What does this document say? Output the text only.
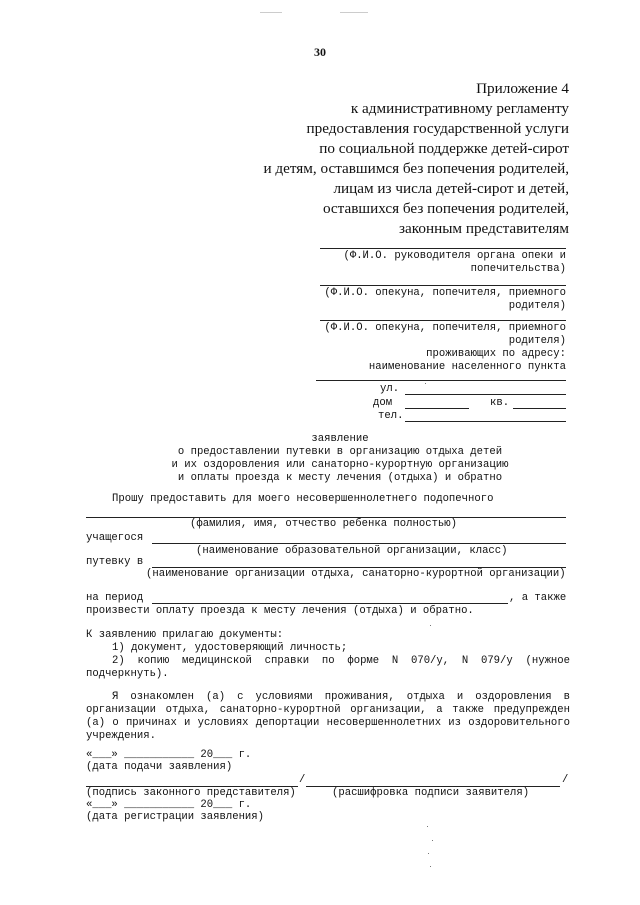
30
Приложение 4
к административному регламенту
предоставления государственной услуги
по социальной поддержке детей-сирот
и детям, оставшимся без попечения родителей,
лицам из числа детей-сирот и детей,
оставшихся без попечения родителей,
законным представителям
(Ф.И.О. руководителя органа опеки и
попечительства)
(Ф.И.О. опекуна, попечителя, приемного
родителя)
(Ф.И.О. опекуна, попечителя, приемного
родителя)
проживающих по адресу:
наименование населенного пункта
ул.
дом	кв.
тел.
заявление
о предоставлении путевки в организацию отдыха детей
и их оздоровления или санаторно-курортную организацию
и оплаты проезда к месту лечения (отдыха) и обратно
Прошу предоставить для моего несовершеннолетнего подопечного
(фамилия, имя, отчество ребенка полностью)
учащегося
(наименование образовательной организации, класс)
путевку в
(наименование организации отдыха, санаторно-курортной организации)
на период	, а также
произвести оплату проезда к месту лечения (отдыха) и обратно.
К заявлению прилагаю документы:
1) документ, удостоверяющий личность;
2) копию медицинской справки по форме N 070/у, N 079/у (нужное
подчеркнуть).
Я ознакомлен (а) с условиями проживания, отдыха и оздоровления в
организации отдыха, санаторно-курортной организации, а также предупрежден
(а) о причинах и условиях депортации несовершеннолетних из оздоровительного
учреждения.
«___» ___________ 20___ г.
(дата подачи заявления)
/	/
(подпись законного представителя)	(расшифровка подписи заявителя)
«___» ___________ 20___ г.
(дата регистрации заявления)
